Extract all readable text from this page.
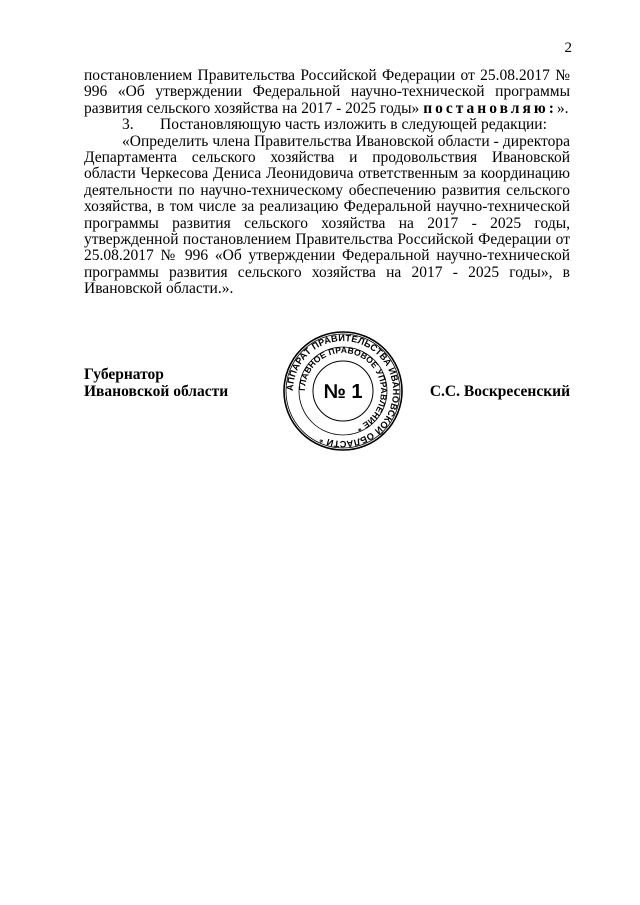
2

постановлением Правительства Российской Федерации от 25.08.2017 № 996 «Об утверждении Федеральной научно-технической программы развития сельского хозяйства на 2017 - 2025 годы» постановляю:».

3. Постановляющую часть изложить в следующей редакции:

«Определить члена Правительства Ивановской области - директора Департамента сельского хозяйства и продовольствия Ивановской области Черкесова Дениса Леонидовича ответственным за координацию деятельности по научно-техническому обеспечению развития сельского хозяйства, в том числе за реализацию Федеральной научно-технической программы развития сельского хозяйства на 2017 - 2025 годы, утвержденной постановлением Правительства Российской Федерации от 25.08.2017 № 996 «Об утверждении Федеральной научно-технической программы развития сельского хозяйства на 2017 - 2025 годы», в Ивановской области.».

Губернатор
Ивановской области	АППАРАТ ПРАВИТЕЛЬСТВА ИВАНОВСКОЙ ОБЛАСТИ *
ГЛАВНОЕ ПРАВОВОЕ УПРАВЛЕНИЕ *
№ 1	С.С. Воскресенский
